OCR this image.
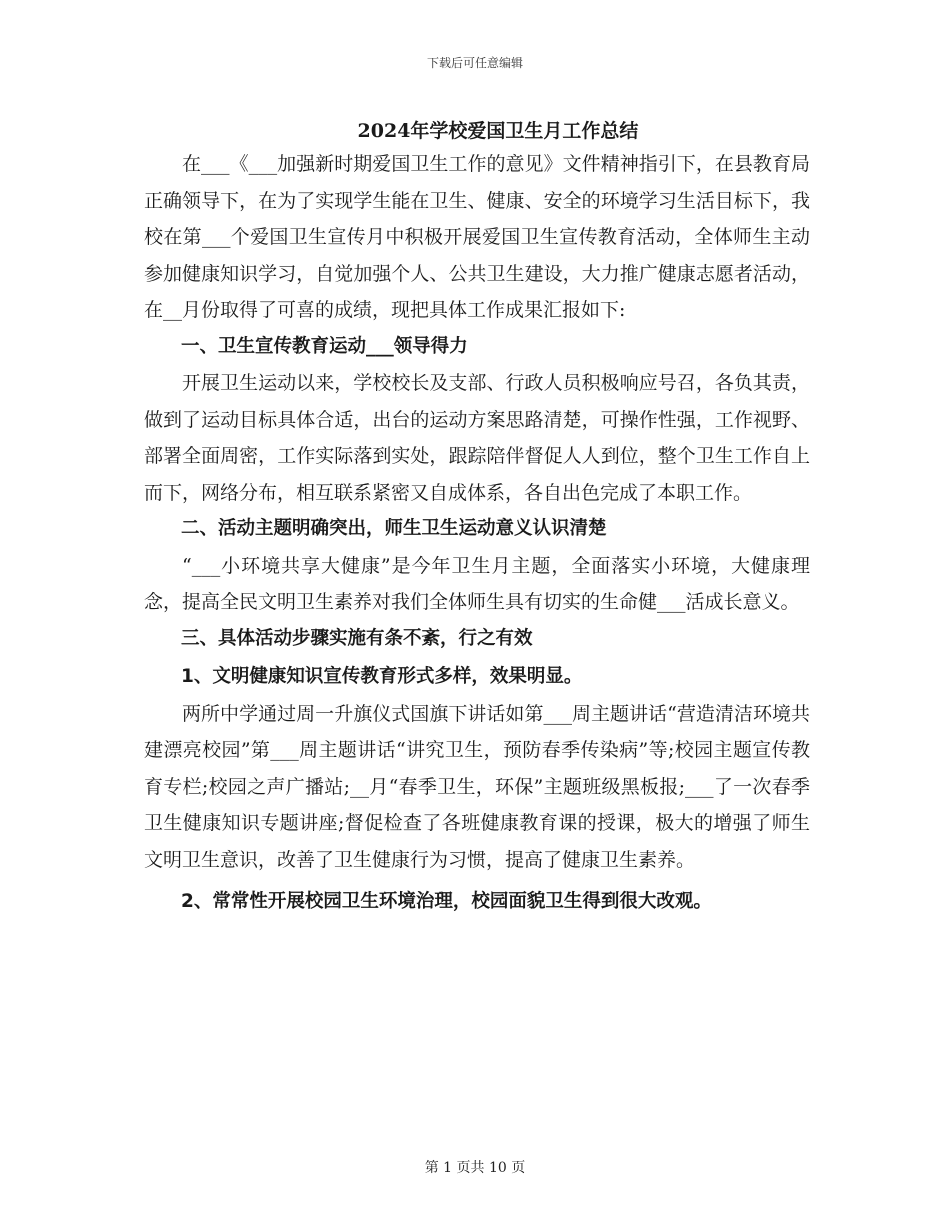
下载后可任意编辑
2024年学校爱国卫生月工作总结

在___《___加强新时期爱国卫生工作的意见》文件精神指引下，在县教育局正确领导下，在为了实现学生能在卫生、健康、安全的环境学习生活目标下，我校在第___个爱国卫生宣传月中积极开展爱国卫生宣传教育活动，全体师生主动参加健康知识学习，自觉加强个人、公共卫生建设，大力推广健康志愿者活动，在__月份取得了可喜的成绩，现把具体工作成果汇报如下:

一、卫生宣传教育运动___领导得力

开展卫生运动以来，学校校长及支部、行政人员积极响应号召，各负其责，做到了运动目标具体合适，出台的运动方案思路清楚，可操作性强，工作视野、部署全面周密，工作实际落到实处，跟踪陪伴督促人人到位，整个卫生工作自上而下，网络分布，相互联系紧密又自成体系，各自出色完成了本职工作。

二、活动主题明确突出，师生卫生运动意义认识清楚

“___小环境共享大健康”是今年卫生月主题，全面落实小环境，大健康理念，提高全民文明卫生素养对我们全体师生具有切实的生命健___活成长意义。

三、具体活动步骤实施有条不紊，行之有效

1、文明健康知识宣传教育形式多样，效果明显。

两所中学通过周一升旗仪式国旗下讲话如第___周主题讲话“营造清洁环境共建漂亮校园”第___周主题讲话“讲究卫生，预防春季传染病”等;校园主题宣传教育专栏;校园之声广播站;__月“春季卫生，环保”主题班级黑板报;___了一次春季卫生健康知识专题讲座;督促检查了各班健康教育课的授课，极大的增强了师生文明卫生意识，改善了卫生健康行为习惯，提高了健康卫生素养。

2、常常性开展校园卫生环境治理，校园面貌卫生得到很大改观。

第 1 页共 10 页
